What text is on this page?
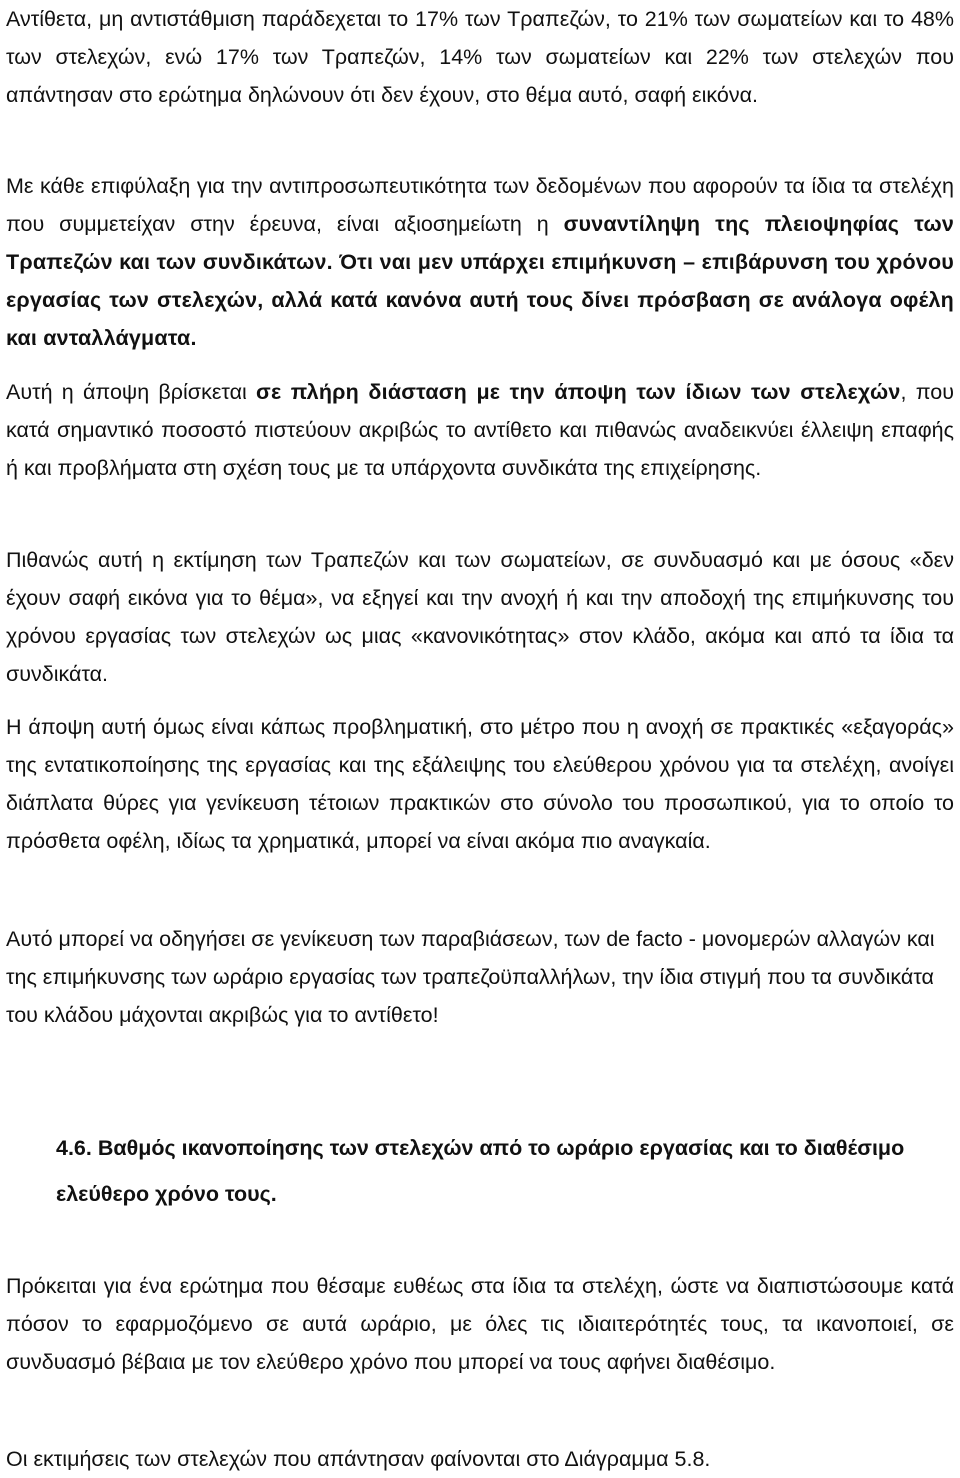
Αντίθετα, μη αντιστάθμιση παράδεχεται το 17% των Τραπεζών, το 21% των σωματείων και το 48% των στελεχών, ενώ 17% των Τραπεζών, 14% των σωματείων και 22% των στελεχών που απάντησαν στο ερώτημα δηλώνουν ότι δεν έχουν, στο θέμα αυτό, σαφή εικόνα.

Με κάθε επιφύλαξη για την αντιπροσωπευτικότητα των δεδομένων που αφορούν τα ίδια τα στελέχη που συμμετείχαν στην έρευνα, είναι αξιοσημείωτη η συναντίληψη της πλειοψηφίας των Τραπεζών και των συνδικάτων. Ότι ναι μεν υπάρχει επιμήκυνση – επιβάρυνση του χρόνου εργασίας των στελεχών, αλλά κατά κανόνα αυτή τους δίνει πρόσβαση σε ανάλογα οφέλη και ανταλλάγματα.

Αυτή η άποψη βρίσκεται σε πλήρη διάσταση με την άποψη των ίδιων των στελεχών, που κατά σημαντικό ποσοστό πιστεύουν ακριβώς το αντίθετο και πιθανώς αναδεικνύει έλλειψη επαφής ή και προβλήματα στη σχέση τους με τα υπάρχοντα συνδικάτα της επιχείρησης.

Πιθανώς αυτή η εκτίμηση των Τραπεζών και των σωματείων, σε συνδυασμό και με όσους «δεν έχουν σαφή εικόνα για το θέμα», να εξηγεί και την ανοχή ή και την αποδοχή της επιμήκυνσης του χρόνου εργασίας των στελεχών ως μιας «κανονικότητας» στον κλάδο, ακόμα και από τα ίδια τα συνδικάτα.

Η άποψη αυτή όμως είναι κάπως προβληματική, στο μέτρο που η ανοχή σε πρακτικές «εξαγοράς» της εντατικοποίησης της εργασίας και της εξάλειψης του ελεύθερου χρόνου για τα στελέχη, ανοίγει διάπλατα θύρες για γενίκευση τέτοιων πρακτικών στο σύνολο του προσωπικού, για το οποίο το πρόσθετα οφέλη, ιδίως τα χρηματικά, μπορεί να είναι ακόμα πιο αναγκαία.

Αυτό μπορεί να οδηγήσει σε γενίκευση των παραβιάσεων, των de facto - μονομερών αλλαγών και της επιμήκυνσης των ωράριο εργασίας των τραπεζοϋπαλλήλων, την ίδια στιγμή που τα συνδικάτα του κλάδου μάχονται ακριβώς για το αντίθετο!

4.6. Βαθμός ικανοποίησης των στελεχών από το ωράριο εργασίας και το διαθέσιμο ελεύθερο χρόνο τους.

Πρόκειται για ένα ερώτημα που θέσαμε ευθέως στα ίδια τα στελέχη, ώστε να διαπιστώσουμε κατά πόσον το εφαρμοζόμενο σε αυτά ωράριο, με όλες τις ιδιαιτερότητές τους, τα ικανοποιεί, σε συνδυασμό βέβαια με τον ελεύθερο χρόνο που μπορεί να τους αφήνει διαθέσιμο.

Οι εκτιμήσεις των στελεχών που απάντησαν φαίνονται στο Διάγραμμα 5.8.
